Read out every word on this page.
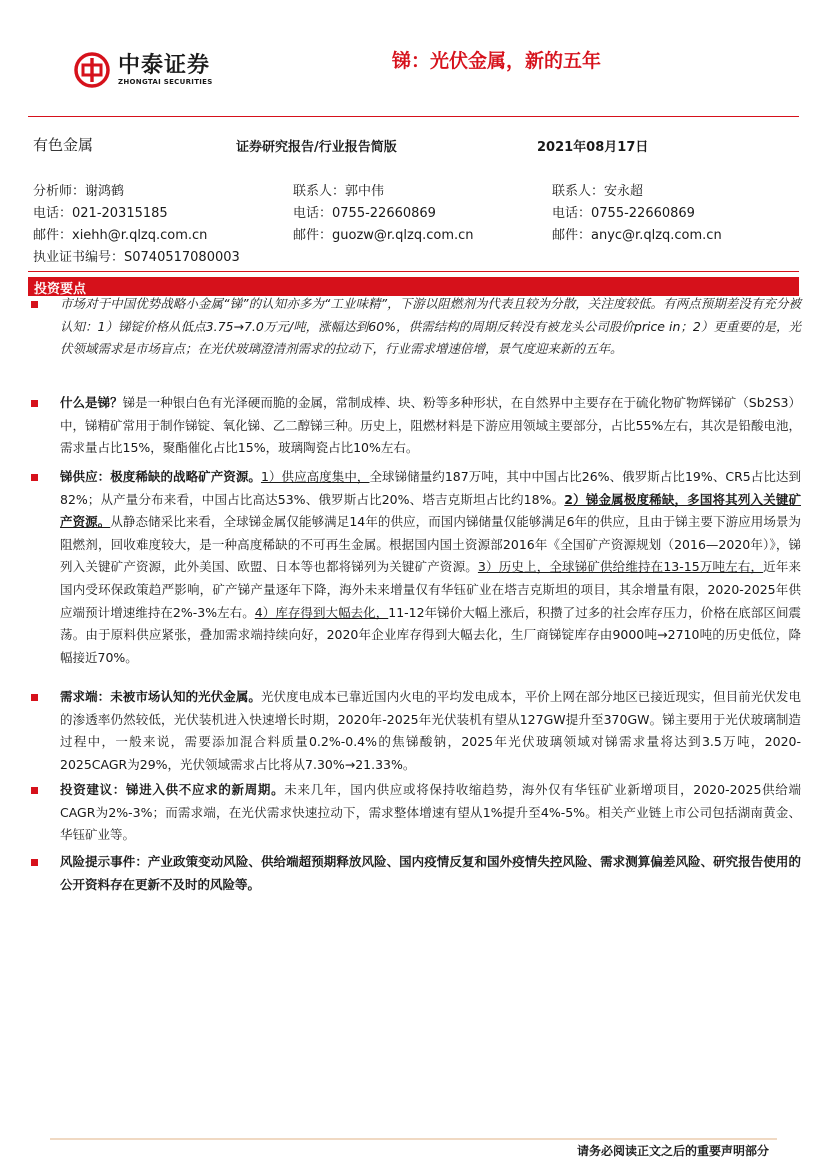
中泰证券
ZHONGTAI SECURITIES
锑：光伏金属，新的五年
有色金属	证券研究报告/行业报告简版	2021年08月17日
分析师：谢鸿鹤
电话：021-20315185
邮件：xiehh@r.qlzq.com.cn
执业证书编号：S0740517080003
联系人：郭中伟
电话：0755-22660869
邮件：guozw@r.qlzq.com.cn
联系人：安永超
电话：0755-22660869
邮件：anyc@r.qlzq.com.cn
投资要点
市场对于中国优势战略小金属“锑”的认知亦多为“工业味精”，下游以阻燃剂为代表且较为分散，关注度较低。有两点预期差没有充分被认知：1）锑锭价格从低点3.75→7.0万元/吨，涨幅达到60%，供需结构的周期反转没有被龙头公司股价price in；2）更重要的是，光伏领域需求是市场盲点；在光伏玻璃澄清剂需求的拉动下，行业需求增速倍增，景气度迎来新的五年。
什么是锑？锑是一种银白色有光泽硬而脆的金属，常制成棒、块、粉等多种形状，在自然界中主要存在于硫化物矿物辉锑矿（Sb2S3）中，锑精矿常用于制作锑锭、氧化锑、乙二醇锑三种。历史上，阻燃材料是下游应用领域主要部分，占比55%左右，其次是铅酸电池，需求量占比15%，聚酯催化占比15%，玻璃陶瓷占比10%左右。
锑供应：极度稀缺的战略矿产资源。1）供应高度集中，全球锑储量约187万吨，其中中国占比26%、俄罗斯占比19%、CR5占比达到82%；从产量分布来看，中国占比高达53%、俄罗斯占比20%、塔吉克斯坦占比约18%。2）锑金属极度稀缺，多国将其列入关键矿产资源。从静态储采比来看，全球锑金属仅能够满足14年的供应，而国内锑储量仅能够满足6年的供应，且由于锑主要下游应用场景为阻燃剂，回收难度较大，是一种高度稀缺的不可再生金属。根据国内国土资源部2016年《全国矿产资源规划（2016—2020年）》，锑列入关键矿产资源，此外美国、欧盟、日本等也都将锑列为关键矿产资源。3）历史上，全球锑矿供给维持在13-15万吨左右，近年来国内受环保政策趋严影响，矿产锑产量逐年下降，海外未来增量仅有华钰矿业在塔吉克斯坦的项目，其余增量有限，2020-2025年供应端预计增速维持在2%-3%左右。4）库存得到大幅去化，11-12年锑价大幅上涨后，积攒了过多的社会库存压力，价格在底部区间震荡。由于原料供应紧张，叠加需求端持续向好，2020年企业库存得到大幅去化，生厂商锑锭库存由9000吨→2710吨的历史低位，降幅接近70%。
需求端：未被市场认知的光伏金属。光伏度电成本已靠近国内火电的平均发电成本，平价上网在部分地区已接近现实，但目前光伏发电的渗透率仍然较低，光伏装机进入快速增长时期，2020年-2025年光伏装机有望从127GW提升至370GW。锑主要用于光伏玻璃制造过程中，一般来说，需要添加混合料质量0.2%-0.4%的焦锑酸钠，2025年光伏玻璃领域对锑需求量将达到3.5万吨，2020-2025CAGR为29%，光伏领域需求占比将从7.30%→21.33%。
投资建议：锑进入供不应求的新周期。未来几年，国内供应或将保持收缩趋势，海外仅有华钰矿业新增项目，2020-2025供给端CAGR为2%-3%；而需求端，在光伏需求快速拉动下，需求整体增速有望从1%提升至4%-5%。相关产业链上市公司包括湖南黄金、华钰矿业等。
风险提示事件：产业政策变动风险、供给端超预期释放风险、国内疫情反复和国外疫情失控风险、需求测算偏差风险、研究报告使用的公开资料存在更新不及时的风险等。
请务必阅读正文之后的重要声明部分
